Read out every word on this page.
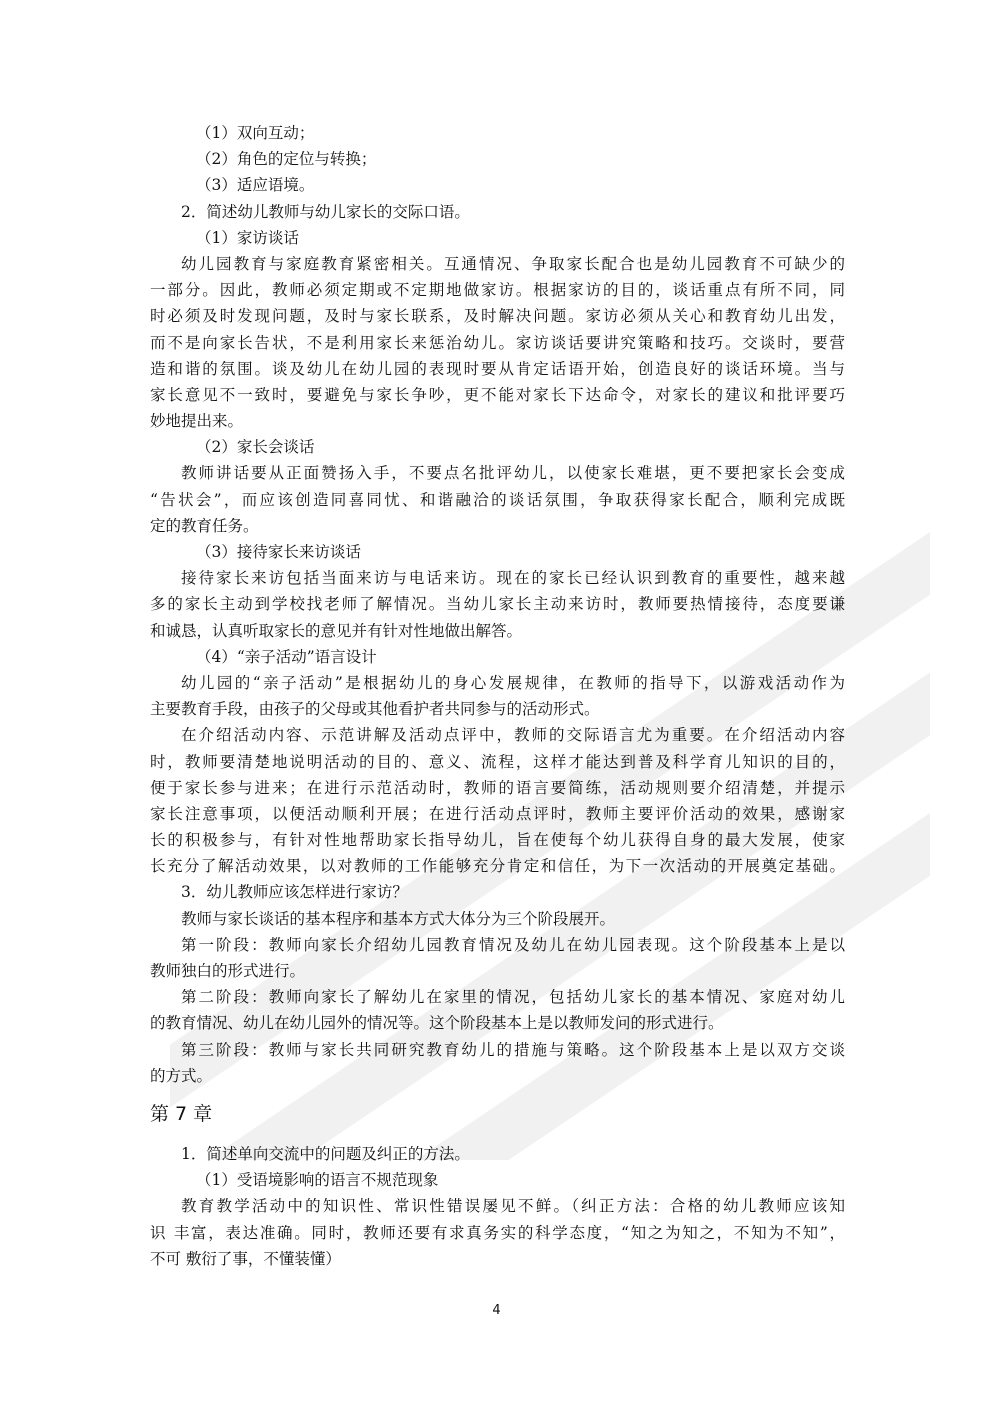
（1）双向互动；
（2）角色的定位与转换；
（3）适应语境。
2．简述幼儿教师与幼儿家长的交际口语。
（1）家访谈话
幼儿园教育与家庭教育紧密相关。互通情况、争取家长配合也是幼儿园教育不可缺少的
一部分。因此，教师必须定期或不定期地做家访。根据家访的目的，谈话重点有所不同，同
时必须及时发现问题，及时与家长联系，及时解决问题。家访必须从关心和教育幼儿出发，
而不是向家长告状，不是利用家长来惩治幼儿。家访谈话要讲究策略和技巧。交谈时，要营
造和谐的氛围。谈及幼儿在幼儿园的表现时要从肯定话语开始，创造良好的谈话环境。当与
家长意见不一致时，要避免与家长争吵，更不能对家长下达命令，对家长的建议和批评要巧
妙地提出来。
（2）家长会谈话
教师讲话要从正面赞扬入手，不要点名批评幼儿，以使家长难堪，更不要把家长会变成
“告状会”，而应该创造同喜同忧、和谐融洽的谈话氛围，争取获得家长配合，顺利完成既
定的教育任务。
（3）接待家长来访谈话
接待家长来访包括当面来访与电话来访。现在的家长已经认识到教育的重要性，越来越
多的家长主动到学校找老师了解情况。当幼儿家长主动来访时，教师要热情接待，态度要谦
和诚恳，认真听取家长的意见并有针对性地做出解答。
（4）“亲子活动”语言设计
幼儿园的“亲子活动”是根据幼儿的身心发展规律，在教师的指导下，以游戏活动作为
主要教育手段，由孩子的父母或其他看护者共同参与的活动形式。
在介绍活动内容、示范讲解及活动点评中，教师的交际语言尤为重要。在介绍活动内容
时，教师要清楚地说明活动的目的、意义、流程，这样才能达到普及科学育儿知识的目的，
便于家长参与进来；在进行示范活动时，教师的语言要简练，活动规则要介绍清楚，并提示
家长注意事项，以便活动顺利开展；在进行活动点评时，教师主要评价活动的效果，感谢家
长的积极参与，有针对性地帮助家长指导幼儿，旨在使每个幼儿获得自身的最大发展，使家
长充分了解活动效果，以对教师的工作能够充分肯定和信任，为下一次活动的开展奠定基础。
3．幼儿教师应该怎样进行家访？
教师与家长谈话的基本程序和基本方式大体分为三个阶段展开。
第一阶段：教师向家长介绍幼儿园教育情况及幼儿在幼儿园表现。这个阶段基本上是以
教师独白的形式进行。
第二阶段：教师向家长了解幼儿在家里的情况，包括幼儿家长的基本情况、家庭对幼儿
的教育情况、幼儿在幼儿园外的情况等。这个阶段基本上是以教师发问的形式进行。
第三阶段：教师与家长共同研究教育幼儿的措施与策略。这个阶段基本上是以双方交谈
的方式。
第 7 章
1．简述单向交流中的问题及纠正的方法。
（1）受语境影响的语言不规范现象
教育教学活动中的知识性、常识性错误屡见不鲜。（纠正方法：合格的幼儿教师应该知
识 丰富，表达准确。同时，教师还要有求真务实的科学态度，“知之为知之，不知为不知”，
不可 敷衍了事，不懂装懂）
4
